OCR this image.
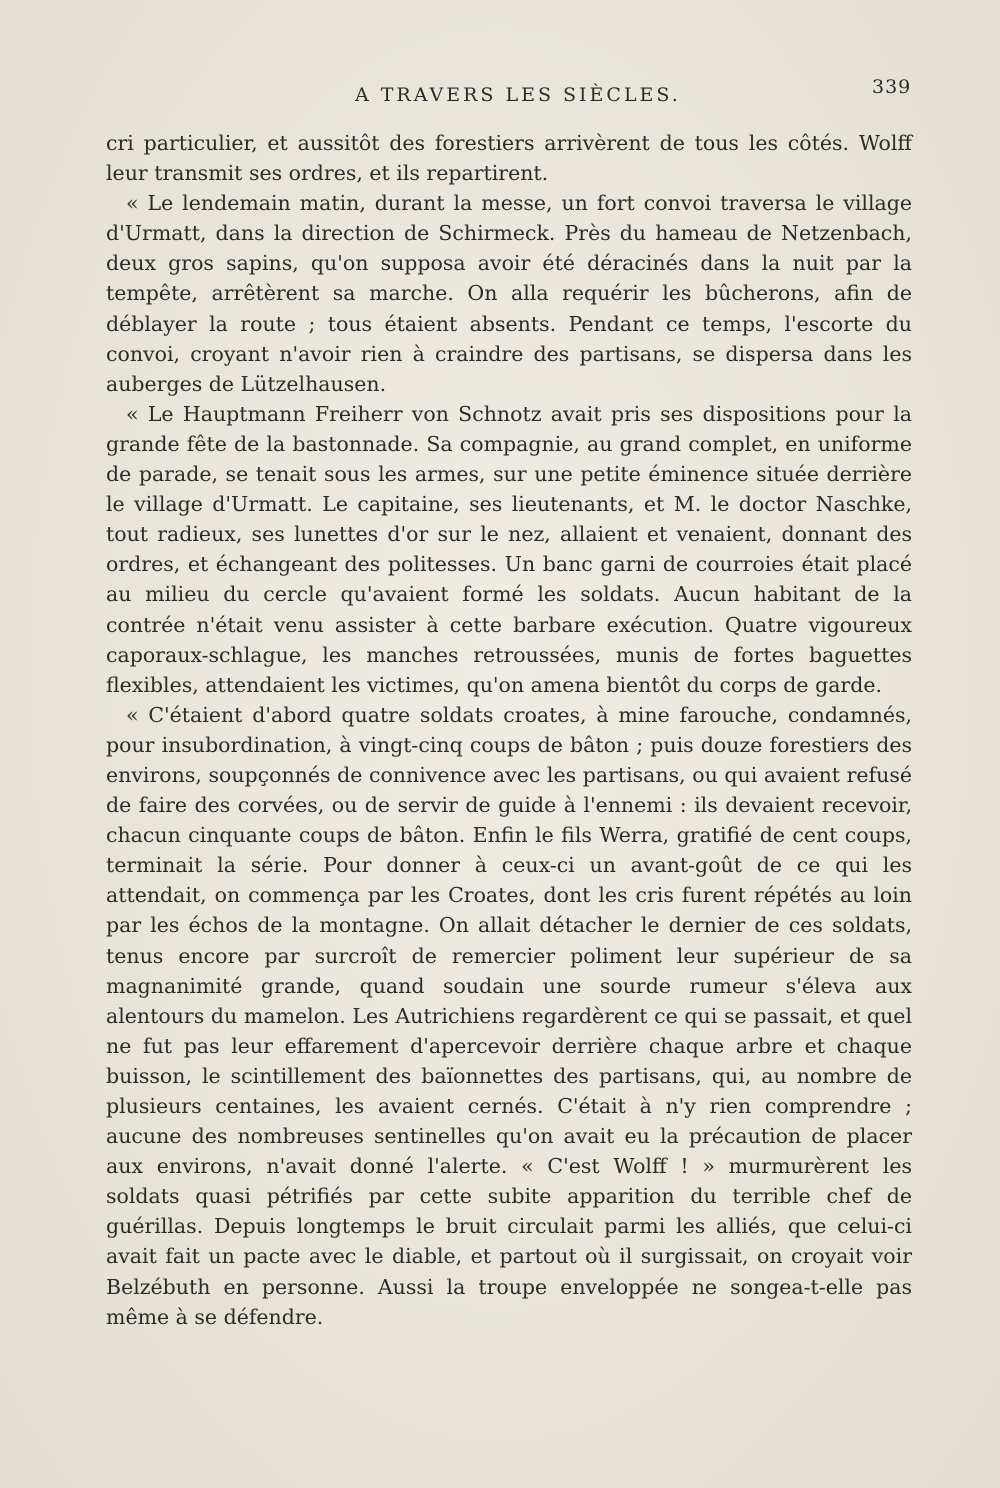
A TRAVERS LES SIÈCLES.	339

cri particulier, et aussitôt des forestiers arrivèrent de tous les côtés. Wolff leur transmit ses ordres, et ils repartirent.

« Le lendemain matin, durant la messe, un fort convoi traversa le village d'Urmatt, dans la direction de Schirmeck. Près du hameau de Netzenbach, deux gros sapins, qu'on supposa avoir été déracinés dans la nuit par la tempête, arrêtèrent sa marche. On alla requérir les bûcherons, afin de déblayer la route ; tous étaient absents. Pendant ce temps, l'escorte du convoi, croyant n'avoir rien à craindre des partisans, se dispersa dans les auberges de Lützelhausen.

« Le Hauptmann Freiherr von Schnotz avait pris ses dispositions pour la grande fête de la bastonnade. Sa compagnie, au grand complet, en uniforme de parade, se tenait sous les armes, sur une petite éminence située derrière le village d'Urmatt. Le capitaine, ses lieutenants, et M. le doctor Naschke, tout radieux, ses lunettes d'or sur le nez, allaient et venaient, donnant des ordres, et échangeant des politesses. Un banc garni de courroies était placé au milieu du cercle qu'avaient formé les soldats. Aucun habitant de la contrée n'était venu assister à cette barbare exécution. Quatre vigoureux caporaux-schlague, les manches retroussées, munis de fortes baguettes flexibles, attendaient les victimes, qu'on amena bientôt du corps de garde.

« C'étaient d'abord quatre soldats croates, à mine farouche, condamnés, pour insubordination, à vingt-cinq coups de bâton ; puis douze forestiers des environs, soupçonnés de connivence avec les partisans, ou qui avaient refusé de faire des corvées, ou de servir de guide à l'ennemi : ils devaient recevoir, chacun cinquante coups de bâton. Enfin le fils Werra, gratifié de cent coups, terminait la série. Pour donner à ceux-ci un avant-goût de ce qui les attendait, on commença par les Croates, dont les cris furent répétés au loin par les échos de la montagne. On allait détacher le dernier de ces soldats, tenus encore par surcroît de remercier poliment leur supérieur de sa magnanimité grande, quand soudain une sourde rumeur s'éleva aux alentours du mamelon. Les Autrichiens regardèrent ce qui se passait, et quel ne fut pas leur effarement d'apercevoir derrière chaque arbre et chaque buisson, le scintillement des baïonnettes des partisans, qui, au nombre de plusieurs centaines, les avaient cernés. C'était à n'y rien comprendre ; aucune des nombreuses sentinelles qu'on avait eu la précaution de placer aux environs, n'avait donné l'alerte. « C'est Wolff ! » murmurèrent les soldats quasi pétrifiés par cette subite apparition du terrible chef de guérillas. Depuis longtemps le bruit circulait parmi les alliés, que celui-ci avait fait un pacte avec le diable, et partout où il surgissait, on croyait voir Belzébuth en personne. Aussi la troupe enveloppée ne songea-t-elle pas même à se défendre.
